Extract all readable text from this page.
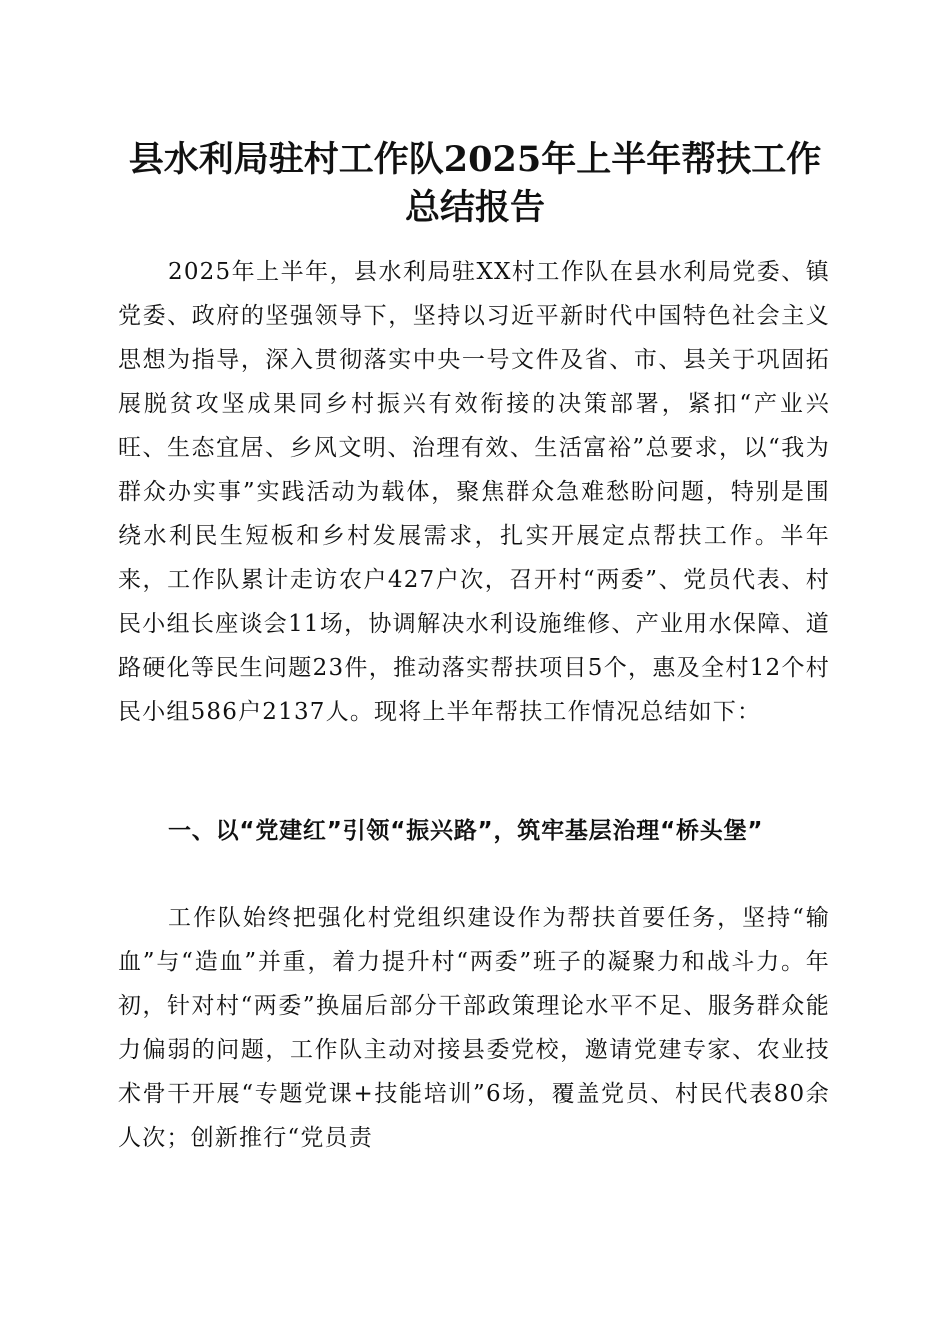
县水利局驻村工作队2025年上半年帮扶工作
总结报告

2025年上半年，县水利局驻XX村工作队在县水利局党委、镇党委、政府的坚强领导下，坚持以习近平新时代中国特色社会主义思想为指导，深入贯彻落实中央一号文件及省、市、县关于巩固拓展脱贫攻坚成果同乡村振兴有效衔接的决策部署，紧扣“产业兴旺、生态宜居、乡风文明、治理有效、生活富裕”总要求，以“我为群众办实事”实践活动为载体，聚焦群众急难愁盼问题，特别是围绕水利民生短板和乡村发展需求，扎实开展定点帮扶工作。半年来，工作队累计走访农户427户次，召开村“两委”、党员代表、村民小组长座谈会11场，协调解决水利设施维修、产业用水保障、道路硬化等民生问题23件，推动落实帮扶项目5个，惠及全村12个村民小组586户2137人。现将上半年帮扶工作情况总结如下：

一、以“党建红”引领“振兴路”，筑牢基层治理“桥头堡”

工作队始终把强化村党组织建设作为帮扶首要任务，坚持“输血”与“造血”并重，着力提升村“两委”班子的凝聚力和战斗力。年初，针对村“两委”换届后部分干部政策理论水平不足、服务群众能力偏弱的问题，工作队主动对接县委党校，邀请党建专家、农业技术骨干开展“专题党课+技能培训”6场，覆盖党员、村民代表80余人次；创新推行“党员责
